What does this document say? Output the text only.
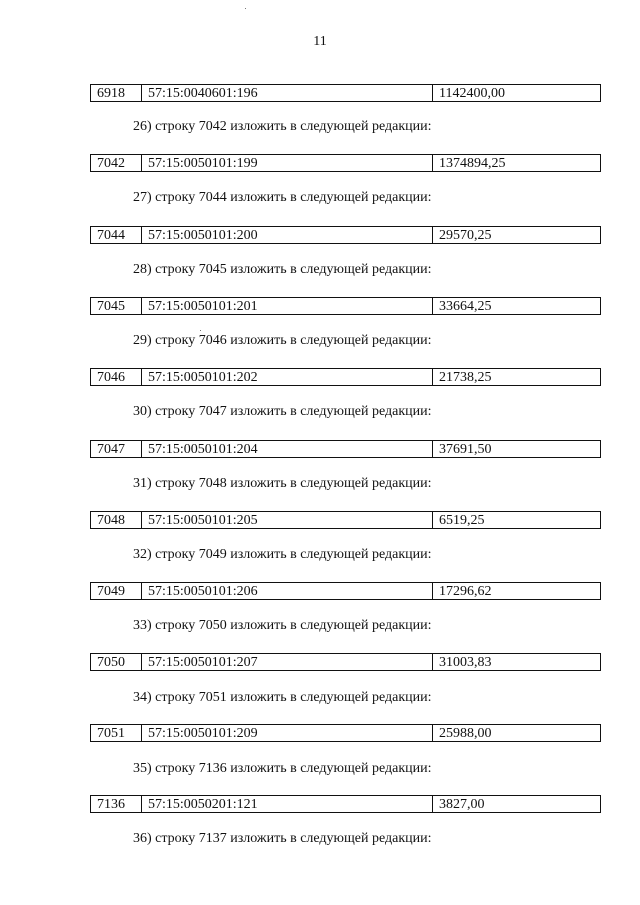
11
6918	57:15:0040601:196	1142400,00
26) строку 7042 изложить в следующей редакции:
7042	57:15:0050101:199	1374894,25
27) строку 7044 изложить в следующей редакции:
7044	57:15:0050101:200	29570,25
28) строку 7045 изложить в следующей редакции:
7045	57:15:0050101:201	33664,25
29) строку 7046 изложить в следующей редакции:
7046	57:15:0050101:202	21738,25
30) строку 7047 изложить в следующей редакции:
7047	57:15:0050101:204	37691,50
31) строку 7048 изложить в следующей редакции:
7048	57:15:0050101:205	6519,25
32) строку 7049 изложить в следующей редакции:
7049	57:15:0050101:206	17296,62
33) строку 7050 изложить в следующей редакции:
7050	57:15:0050101:207	31003,83
34) строку 7051 изложить в следующей редакции:
7051	57:15:0050101:209	25988,00
35) строку 7136 изложить в следующей редакции:
7136	57:15:0050201:121	3827,00
36) строку 7137 изложить в следующей редакции:
